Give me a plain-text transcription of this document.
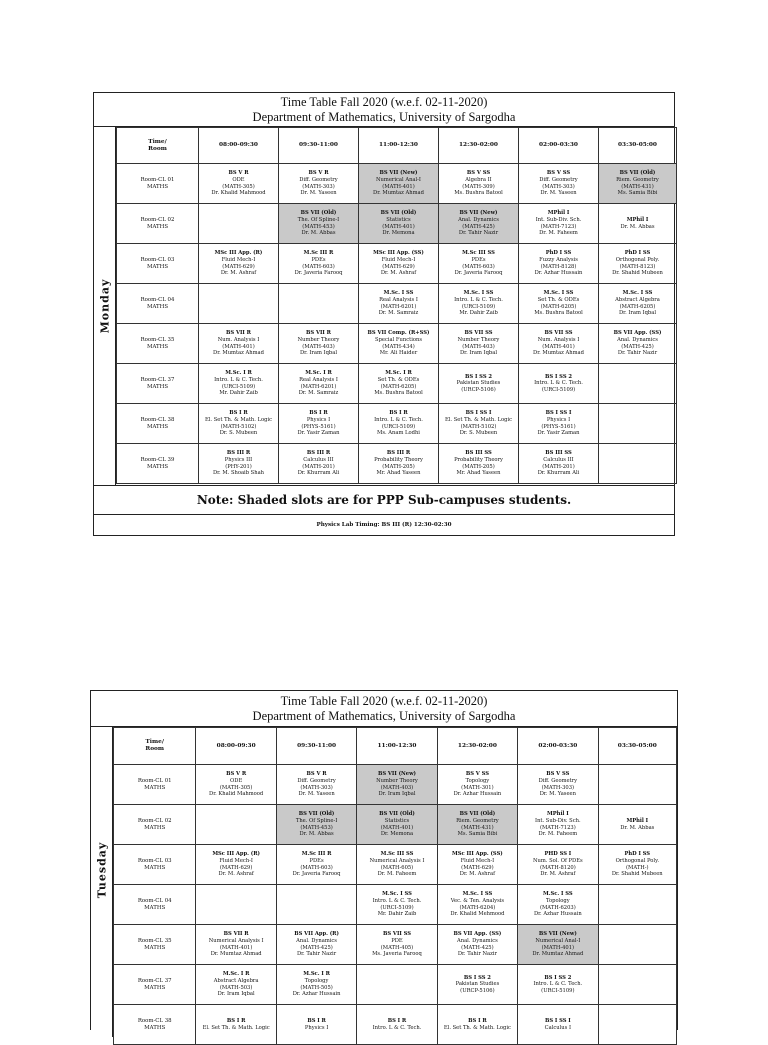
Time Table Fall 2020 (w.e.f. 02-11-2020)
Department of Mathematics, University of Sargodha
Monday
Time/
Room	08:00-09:30	09:30-11:00	11:00-12:30	12:30-02:00	02:00-03:30	03:30-05:00

Room-CL 01
MATHS	BS V R
ODE
(MATH-305)
Dr. Khalid Mahmood	BS V R
Diff. Geometry
(MATH-303)
Dr. M. Yaseen	BS VII (New)
Numerical Anal-I
(MATH-401)
Dr. Mumtaz Ahmad	BS V SS
Algebra II
(MATH-309)
Ms. Bushra Batool	BS V SS
Diff. Geometry
(MATH-303)
Dr. M. Yaseen	BS VII (Old)
Riem. Geometry
(MATH-431)
Ms. Samia Bibi

Room-CL 02
MATHS		BS VII (Old)
The. Of Spline-I
(MATH-453)
Dr. M. Abbas	BS VII (Old)
Statistics
(MATH-401)
Dr. Memona	BS VII (New)
Anal. Dynamics
(MATH-425)
Dr. Tahir Nazir	MPhil I
Int. Sub-Div. Sch.
(MATH-7123)
Dr. M. Faheem	MPhil I
Dr. M. Abbas

Room-CL 03
MATHS	MSc III App. (R)
Fluid Mech-I
(MATH-629)
Dr. M. Ashraf	M.Sc III R
PDEs
(MATH-603)
Dr. Javeria Farooq	MSc III App. (SS)
Fluid Mech-I
(MATH-629)
Dr. M. Ashraf	M.Sc III SS
PDEs
(MATH-603)
Dr. Javeria Farooq	PhD I SS
Fuzzy Analysis
(MATH-8128)
Dr. Azhar Hussain	PhD I SS
Orthogonal Poly.
(MATH-8123)
Dr. Shahid Mubeen

Room-CL 04
MATHS			M.Sc. I SS
Real Analysis I
(MATH-6201)
Dr. M. Samraiz	M.Sc. I SS
Intro. L & C. Tech.
(URCI-5109)
Mr. Dahir Zaib	M.Sc. I SS
Set Th. & ODEs
(MATH-6205)
Ms. Bushra Batool	M.Sc. I SS
Abstract Algebra
(MATH-6205)
Dr. Iram Iqbal

Room-CL 35
MATHS	BS VII R
Num. Analysis I
(MATH-401)
Dr. Mumtaz Ahmad	BS VII R
Number Theory
(MATH-403)
Dr. Iram Iqbal	BS VII Comp. (R+SS)
Special Functions
(MATH-434)
Mr. Ali Haider	BS VII SS
Number Theory
(MATH-403)
Dr. Iram Iqbal	BS VII SS
Num. Analysis I
(MATH-401)
Dr. Mumtaz Ahmad	BS VII App. (SS)
Anal. Dynamics
(MATH-425)
Dr. Tahir Nazir

Room-CL 37
MATHS	M.Sc. I R
Intro. L & C. Tech.
(URCI-5109)
Mr. Dahir Zaib	M.Sc. I R
Real Analysis I
(MATH-6201)
Dr. M. Samraiz	M.Sc. I R
Set Th. & ODEs
(MATH-6205)
Ms. Bushra Batool	BS I SS 2
Pakistan Studies
(URCP-5106)	BS I SS 2
Intro. L & C. Tech.
(URCI-5109)	

Room-CL 38
MATHS	BS I R
El. Set Th. & Math. Logic
(MATH-5102)
Dr. S. Mubeen	BS I R
Physics I
(PHYS-5161)
Dr. Yasir Zaman	BS I R
Intro. L & C. Tech.
(URCI-5109)
Ms. Anam Lodhi	BS I SS I
El. Set Th. & Math. Logic
(MATH-5102)
Dr. S. Mubeen	BS I SS I
Physics I
(PHYS-5161)
Dr. Yasir Zaman	

Room-CL 39
MATHS	BS III R
Physics III
(PHY-201)
Dr. M. Shoaib Shah	BS III R
Calculus III
(MATH-201)
Dr. Khurram Ali	BS III R
Probability Theory
(MATH-205)
Mr. Ahad Yaseen	BS III SS
Probability Theory
(MATH-205)
Mr. Ahad Yaseen	BS III SS
Calculus III
(MATH-201)
Dr. Khurram Ali	

Note: Shaded slots are for PPP Sub-campuses students.
Physics Lab Timing: BS III (R) 12:30-02:30
Time Table Fall 2020 (w.e.f. 02-11-2020)
Department of Mathematics, University of Sargodha
Tuesday
Time/
Room	08:00-09:30	09:30-11:00	11:00-12:30	12:30-02:00	02:00-03:30	03:30-05:00

Room-CL 01
MATHS	BS V R
ODE
(MATH-305)
Dr. Khalid Mahmood	BS V R
Diff. Geometry
(MATH-303)
Dr. M. Yaseen	BS VII (New)
Number Theory
(MATH-403)
Dr. Iram Iqbal	BS V SS
Topology
(MATH-301)
Dr. Azhar Hussain	BS V SS
Diff. Geometry
(MATH-303)
Dr. M. Yaseen	

Room-CL 02
MATHS		BS VII (Old)
The. Of Spline-I
(MATH-453)
Dr. M. Abbas	BS VII (Old)
Statistics
(MATH-401)
Dr. Memona	BS VII (Old)
Riem. Geometry
(MATH-431)
Ms. Samia Bibi	MPhil I
Int. Sub-Div. Sch.
(MATH-7123)
Dr. M. Faheem	MPhil I
Dr. M. Abbas

Room-CL 03
MATHS	MSc III App. (R)
Fluid Mech-I
(MATH-629)
Dr. M. Ashraf	M.Sc III R
PDEs
(MATH-603)
Dr. Javeria Farooq	M.Sc III SS
Numerical Analysis I
(MATH-605)
Dr. M. Faheem	MSc III App. (SS)
Fluid Mech-I
(MATH-629)
Dr. M. Ashraf	PHD SS I
Num. Sol. Of PDEs
(MATH-8120)
Dr. M. Ashraf	PhD I SS
Orthogonal Poly.
(MATH-)
Dr. Shahid Mubeen

Room-CL 04
MATHS			M.Sc. I SS
Intro. L & C. Tech.
(URCI-5109)
Mr. Dahir Zaib	M.Sc. I SS
Vec. & Ten. Analysis
(MATH-6204)
Dr. Khalid Mehmood	M.Sc. I SS
Topology
(MATH-6203)
Dr. Azhar Hussain	

Room-CL 35
MATHS	BS VII R
Numerical Analysis I
(MATH-401)
Dr. Mumtaz Ahmad	BS VII App. (R)
Anal. Dynamics
(MATH-425)
Dr. Tahir Nazir	BS VII SS
PDE
(MATH-405)
Ms. Javeria Farooq	BS VII App. (SS)
Anal. Dynamics
(MATH-425)
Dr. Tahir Nazir	BS VII (New)
Numerical Anal-I
(MATH-401)
Dr. Mumtaz Ahmad	

Room-CL 37
MATHS	M.Sc. I R
Abstract Algebra
(MATH-503)
Dr. Iram Iqbal	M.Sc. I R
Topology
(MATH-505)
Dr. Azhar Hussain		BS I SS 2
Pakistan Studies
(URCP-5106)	BS I SS 2
Intro. L & C. Tech.
(URCI-5109)	

Room-CL 38
MATHS	BS I R
El. Set Th. & Math. Logic	BS I R
Physics I	BS I R
Intro. L & C. Tech.	BS I R
El. Set Th. & Math. Logic	BS I SS I
Calculus I	
